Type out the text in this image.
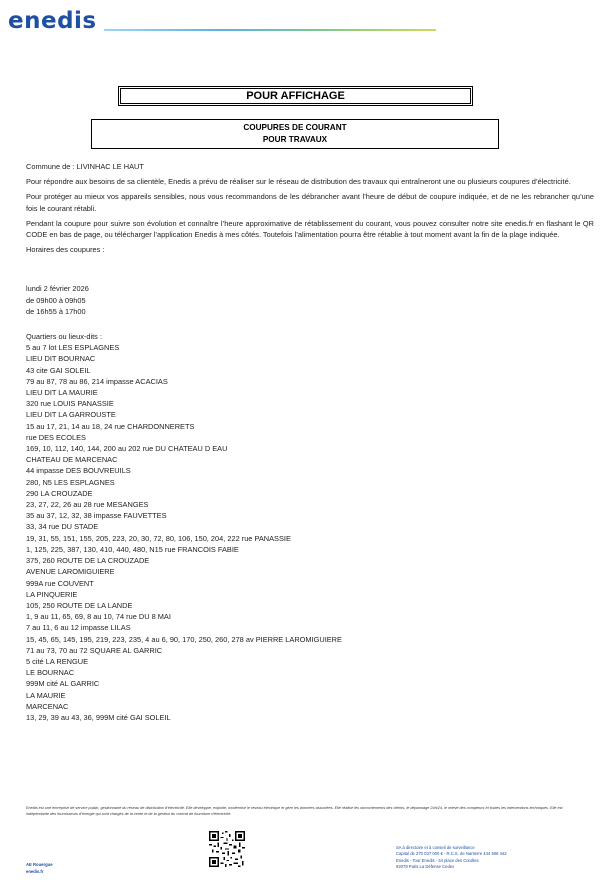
enedis
POUR AFFICHAGE
COUPURES DE COURANT
POUR TRAVAUX

Commune de : LIVINHAC LE HAUT

Pour répondre aux besoins de sa clientèle, Enedis a prévu de réaliser sur le réseau de distribution des travaux qui entraîneront une ou plusieurs coupures d’électricité.

Pour protéger au mieux vos appareils sensibles, nous vous recommandons de les débrancher avant l’heure de début de coupure indiquée, et de ne les rebrancher qu’une fois le courant rétabli.

Pendant la coupure pour suivre son évolution et connaître l’heure approximative de rétablissement du courant, vous pouvez consulter notre site enedis.fr en flashant le QR CODE en bas de page, ou télécharger l’application Enedis à mes côtés. Toutefois l’alimentation pourra être rétablie à tout moment avant la fin de la plage indiquée.

Horaires des coupures :

lundi 2 février 2026
de 09h00 à 09h05
de 16h55 à 17h00
Quartiers ou lieux-dits :
5 au 7 lot LES ESPLAGNES
LIEU DIT BOURNAC
43 cite GAI SOLEIL
79 au 87, 78 au 86, 214 impasse ACACIAS
LIEU DIT LA MAURIE
320 rue LOUIS PANASSIE
LIEU DIT LA GARROUSTE
15 au 17, 21, 14 au 18, 24 rue CHARDONNERETS
rue DES ECOLES
169, 10, 112, 140, 144, 200 au 202 rue DU CHATEAU D EAU
CHATEAU DE MARCENAC
44 impasse DES BOUVREUILS
280, N5 LES ESPLAGNES
290 LA CROUZADE
23, 27, 22, 26 au 28 rue MESANGES
35 au 37, 12, 32, 38 impasse FAUVETTES
33, 34 rue DU STADE
19, 31, 55, 151, 155, 205, 223, 20, 30, 72, 80, 106, 150, 204, 222 rue PANASSIE
1, 125, 225, 387, 130, 410, 440, 480, N15 rue FRANCOIS FABIE
375, 260 ROUTE DE LA CROUZADE
AVENUE LAROMIGUIERE
999A rue COUVENT
LA PINQUERIE
105, 250 ROUTE DE LA LANDE
1, 9 au 11, 65, 69, 8 au 10, 74 rue DU 8 MAI
7 au 11, 6 au 12 impasse LILAS
15, 45, 65, 145, 195, 219, 223, 235, 4 au 6, 90, 170, 250, 260, 278 av PIERRE LAROMIGUIERE
71 au 73, 70 au 72 SQUARE AL GARRIC
5 cité LA RENGUE
LE BOURNAC
999M cité AL GARRIC
LA MAURIE
MARCENAC
13, 29, 39 au 43, 36, 999M cité GAI SOLEIL
Enedis est une entreprise de service public, gestionnaire du réseau de distribution d’électricité. Elle développe, exploite, modernise le réseau électrique et gère les données associées. Elle réalise les raccordements des clients, le dépannage 24h/24, le relevé des compteurs et toutes les interventions techniques. Elle est indépendante des fournisseurs d’énergie qui sont chargés de la vente et de la gestion du contrat de fourniture d’électricité.
AE Rouergue
enedis.fr
SA à directoire et à conseil de surveillance
Capital de 270 037 000 € - R.C.S. de Nanterre 444 608 442
Enedis - Tour Enedis - 34 place des Corolles
92079 Paris La Défense Cedex
